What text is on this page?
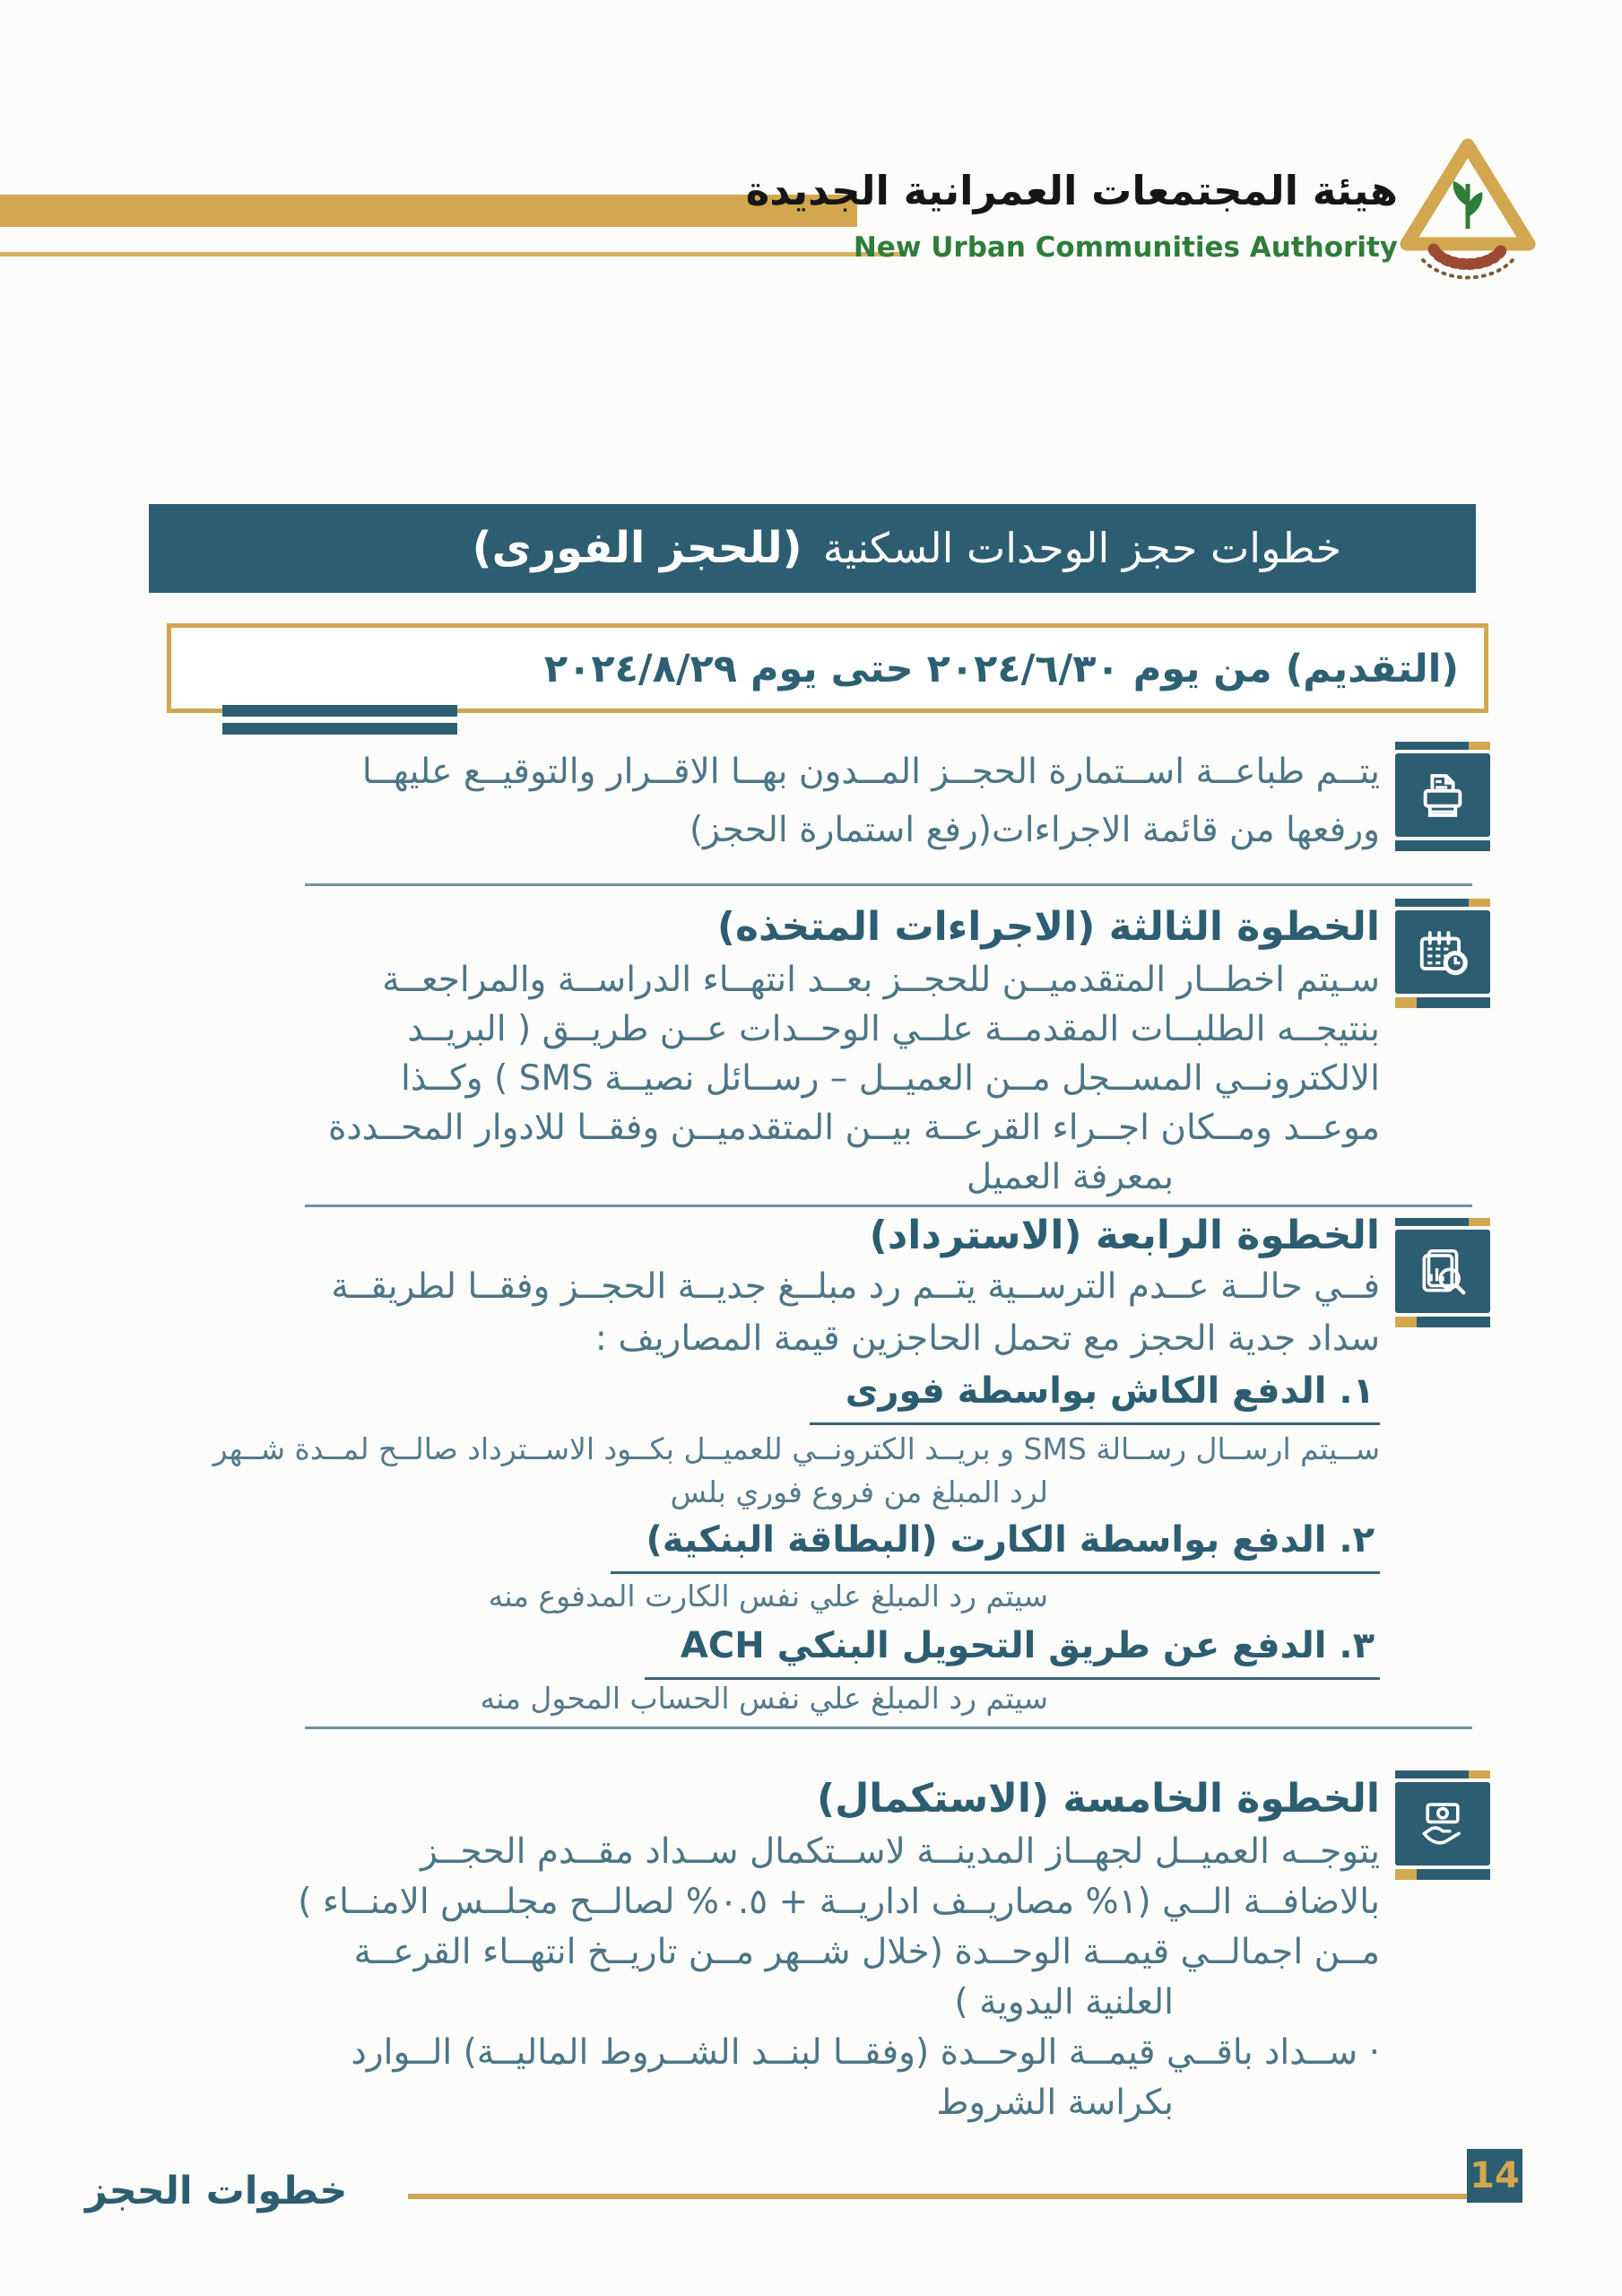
هيئة المجتمعات العمرانية الجديدة
New Urban Communities Authority
خطوات حجز الوحدات السكنية (للحجز الفورى)
(التقديم) من يوم ٢٠٢٤/٦/٣٠ حتى يوم ٢٠٢٤/٨/٢٩
يتــم طباعــة اســتمارة الحجــز المــدون بهــا الاقــرار والتوقيــع عليهــا
ورفعها من قائمة الاجراءات(رفع استمارة الحجز)
الخطوة الثالثة (الاجراءات المتخذه)
سـيتم اخطــار المتقدميــن للحجــز بعــد انتهــاء الدراســة والمراجعــة
بنتيجــه الطلبــات المقدمــة علــي الوحــدات عــن طريــق ( البريــد
الالكترونــي المســجل مــن العميــل – رســائل نصيــة SMS ) وكــذا
موعــد ومــكان اجــراء القرعــة بيــن المتقدميــن وفقــا للادوار المحــددة
بمعرفة العميل
الخطوة الرابعة (الاسترداد)
فــي حالــة عــدم الترســية يتــم رد مبلــغ جديــة الحجــز وفقــا لطريقــة
سداد جدية الحجز مع تحمل الحاجزين قيمة المصاريف :
١. الدفع الكاش بواسطة فورى
ســيتم ارســال رســالة SMS و بريــد الكترونــي للعميــل بكــود الاســترداد صالــح لمــدة شــهر
لرد المبلغ من فروع فوري بلس
٢. الدفع بواسطة الكارت (البطاقة البنكية)
سيتم رد المبلغ علي نفس الكارت المدفوع منه
٣. الدفع عن طريق التحويل البنكي ACH
سيتم رد المبلغ علي نفس الحساب المحول منه
الخطوة الخامسة (الاستكمال)
يتوجــه العميــل لجهــاز المدينــة لاســتكمال ســداد مقــدم الحجــز
بالاضافــة الــي (١% مصاريــف اداريــة + ٠.٥% لصالــح مجلــس الامنــاء )
مــن اجمالــي قيمــة الوحــدة (خلال شــهر مــن تاريــخ انتهــاء القرعــة
العلنية اليدوية )
· ســداد باقــي قيمــة الوحــدة (وفقــا لبنــد الشــروط الماليــة) الــوارد
بكراسة الشروط
خطوات الحجز	14
